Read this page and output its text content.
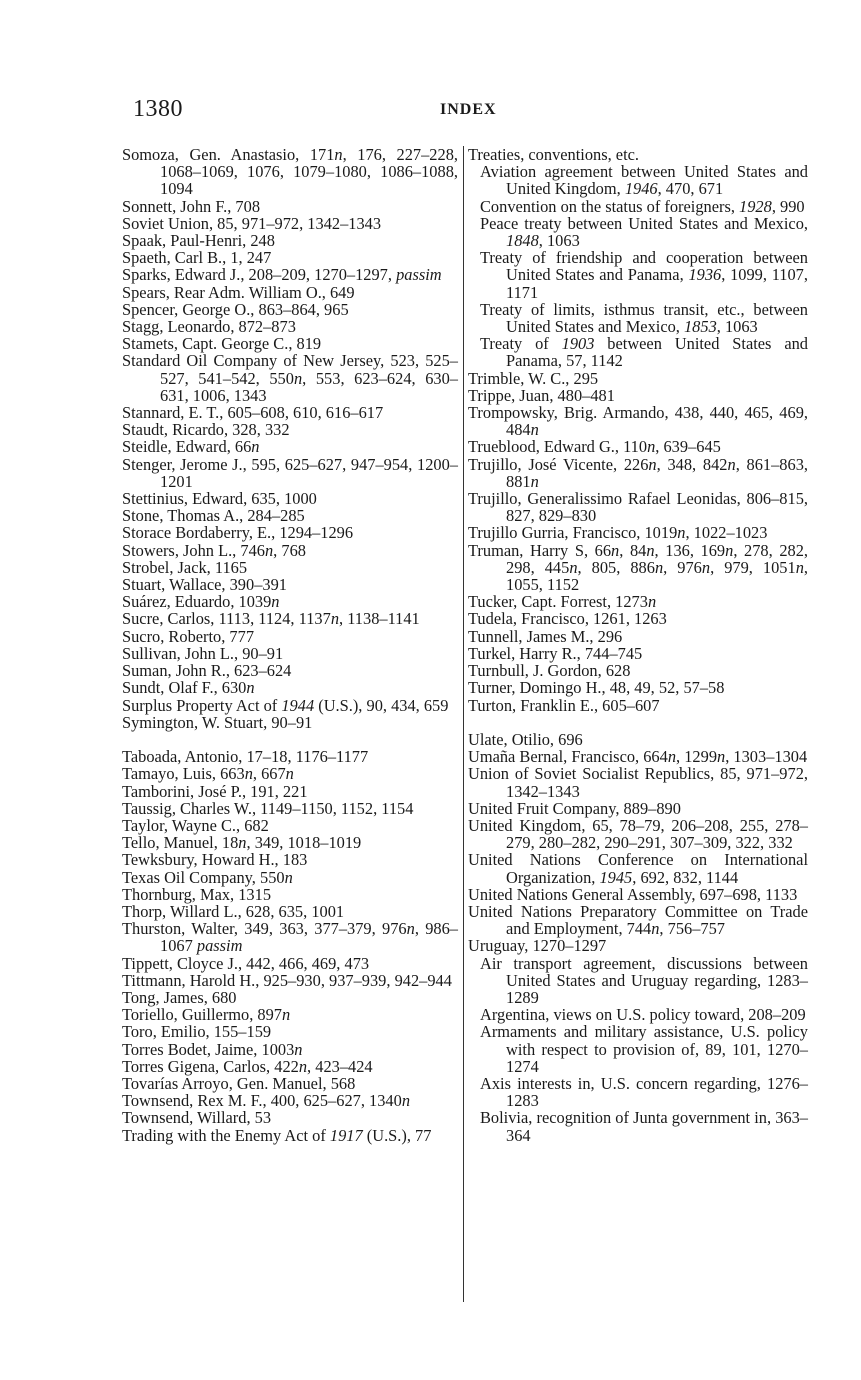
1380	INDEX

Somoza, Gen. Anastasio, 171n, 176, 227–228, 1068–1069, 1076, 1079–1080, 1086–1088, 1094

Sonnett, John F., 708

Soviet Union, 85, 971–972, 1342–1343

Spaak, Paul-Henri, 248

Spaeth, Carl B., 1, 247

Sparks, Edward J., 208–209, 1270–1297, passim

Spears, Rear Adm. William O., 649

Spencer, George O., 863–864, 965

Stagg, Leonardo, 872–873

Stamets, Capt. George C., 819

Standard Oil Company of New Jersey, 523, 525–527, 541–542, 550n, 553, 623–624, 630–631, 1006, 1343

Stannard, E. T., 605–608, 610, 616–617

Staudt, Ricardo, 328, 332

Steidle, Edward, 66n

Stenger, Jerome J., 595, 625–627, 947–954, 1200–1201

Stettinius, Edward, 635, 1000

Stone, Thomas A., 284–285

Storace Bordaberry, E., 1294–1296

Stowers, John L., 746n, 768

Strobel, Jack, 1165

Stuart, Wallace, 390–391

Suárez, Eduardo, 1039n

Sucre, Carlos, 1113, 1124, 1137n, 1138–1141

Sucro, Roberto, 777

Sullivan, John L., 90–91

Suman, John R., 623–624

Sundt, Olaf F., 630n

Surplus Property Act of 1944 (U.S.), 90, 434, 659

Symington, W. Stuart, 90–91

Taboada, Antonio, 17–18, 1176–1177

Tamayo, Luis, 663n, 667n

Tamborini, José P., 191, 221

Taussig, Charles W., 1149–1150, 1152, 1154

Taylor, Wayne C., 682

Tello, Manuel, 18n, 349, 1018–1019

Tewksbury, Howard H., 183

Texas Oil Company, 550n

Thornburg, Max, 1315

Thorp, Willard L., 628, 635, 1001

Thurston, Walter, 349, 363, 377–379, 976n, 986–1067 passim

Tippett, Cloyce J., 442, 466, 469, 473

Tittmann, Harold H., 925–930, 937–939, 942–944

Tong, James, 680

Toriello, Guillermo, 897n

Toro, Emilio, 155–159

Torres Bodet, Jaime, 1003n

Torres Gigena, Carlos, 422n, 423–424

Tovarías Arroyo, Gen. Manuel, 568

Townsend, Rex M. F., 400, 625–627, 1340n

Townsend, Willard, 53

Trading with the Enemy Act of 1917 (U.S.), 77

Treaties, conventions, etc.

Aviation agreement between United States and United Kingdom, 1946, 470, 671

Convention on the status of foreigners, 1928, 990

Peace treaty between United States and Mexico, 1848, 1063

Treaty of friendship and cooperation between United States and Panama, 1936, 1099, 1107, 1171

Treaty of limits, isthmus transit, etc., between United States and Mexico, 1853, 1063

Treaty of 1903 between United States and Panama, 57, 1142

Trimble, W. C., 295

Trippe, Juan, 480–481

Trompowsky, Brig. Armando, 438, 440, 465, 469, 484n

Trueblood, Edward G., 110n, 639–645

Trujillo, José Vicente, 226n, 348, 842n, 861–863, 881n

Trujillo, Generalissimo Rafael Leonidas, 806–815, 827, 829–830

Trujillo Gurria, Francisco, 1019n, 1022–1023

Truman, Harry S, 66n, 84n, 136, 169n, 278, 282, 298, 445n, 805, 886n, 976n, 979, 1051n, 1055, 1152

Tucker, Capt. Forrest, 1273n

Tudela, Francisco, 1261, 1263

Tunnell, James M., 296

Turkel, Harry R., 744–745

Turnbull, J. Gordon, 628

Turner, Domingo H., 48, 49, 52, 57–58

Turton, Franklin E., 605–607

Ulate, Otilio, 696

Umaña Bernal, Francisco, 664n, 1299n, 1303–1304

Union of Soviet Socialist Republics, 85, 971–972, 1342–1343

United Fruit Company, 889–890

United Kingdom, 65, 78–79, 206–208, 255, 278–279, 280–282, 290–291, 307–309, 322, 332

United Nations Conference on International Organization, 1945, 692, 832, 1144

United Nations General Assembly, 697–698, 1133

United Nations Preparatory Committee on Trade and Employment, 744n, 756–757

Uruguay, 1270–1297

Air transport agreement, discussions between United States and Uruguay regarding, 1283–1289

Argentina, views on U.S. policy toward, 208–209

Armaments and military assistance, U.S. policy with respect to provision of, 89, 101, 1270–1274

Axis interests in, U.S. concern regarding, 1276–1283

Bolivia, recognition of Junta government in, 363–364
